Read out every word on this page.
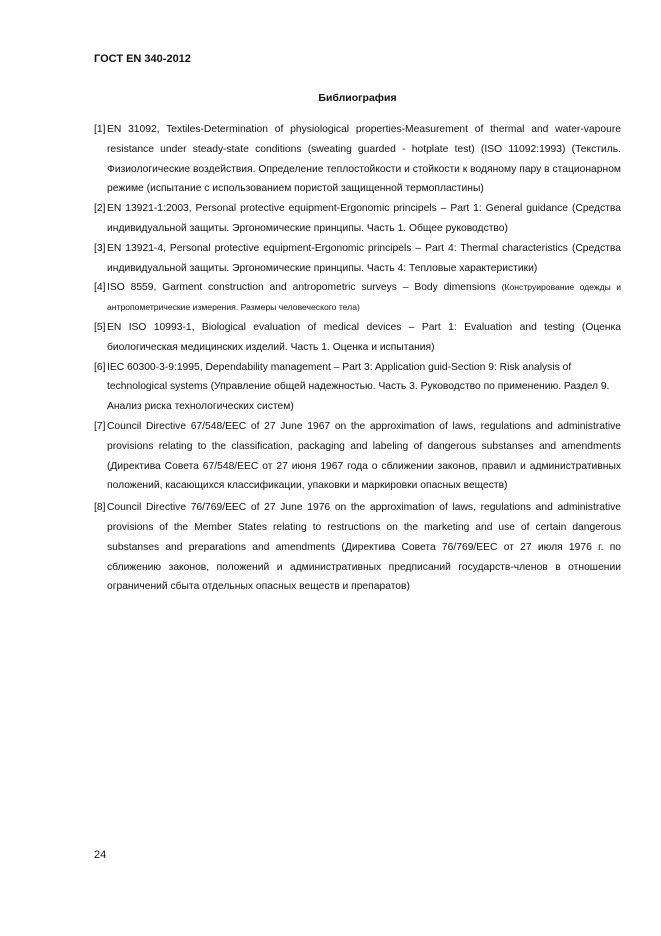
ГОСТ EN 340-2012
Библиография

[1] EN 31092, Textiles-Determination of physiological properties-Measurement of thermal and water-vapoure resistance under steady-state conditions (sweating guarded - hotplate test) (ISO 11092:1993) (Текстиль. Физиологические воздействия. Определение теплостойкости и стойкости к водяному пару в стационарном режиме (испытание с использованием пористой защищенной термопластины)

[2] EN 13921-1:2003, Personal protective equipment-Ergonomic principels – Part 1: General guidance (Средства индивидуальной защиты. Эргономические принципы. Часть 1. Общее руководство)

[3] EN 13921-4, Personal protective equipment-Ergonomic principels – Part 4: Thermal characteristics (Средства индивидуальной защиты. Эргономические принципы. Часть 4: Тепловые характеристики)

[4] ISO 8559, Garment construction and antropometric surveys – Body dimensions (Конструирование одежды и антропометрические измерения. Размеры человеческого тела)

[5] EN ISO 10993-1, Biological evaluation of medical devices – Part 1: Evaluation and testing (Оценка биологическая медицинских изделий. Часть 1. Оценка и испытания)

[6] IEC 60300-3-9:1995, Dependability management – Part 3: Application guid-Section 9: Risk analysis of technological systems (Управление общей надежностью. Часть 3. Руководство по применению. Раздел 9. Анализ риска технологических систем)

[7] Council Directive 67/548/EEC of 27 June 1967 on the approximation of laws, regulations and administrative provisions relating to the classification, packaging and labeling of dangerous substanses and amendments (Директива Совета 67/548/ЕЕС от 27 июня 1967 года о сближении законов, правил и административных положений, касающихся классификации, упаковки и маркировки опасных веществ)

[8] Council Directive 76/769/EEC of 27 June 1976 on the approximation of laws, regulations and administrative provisions of the Member States relating to restructions on the marketing and use of certain dangerous substanses and preparations and amendments (Директива Совета 76/769/ЕЕС от 27 июля 1976 г. по сближению законов, положений и административных предписаний государств-членов в отношении ограничений сбыта отдельных опасных веществ и препаратов)

24
